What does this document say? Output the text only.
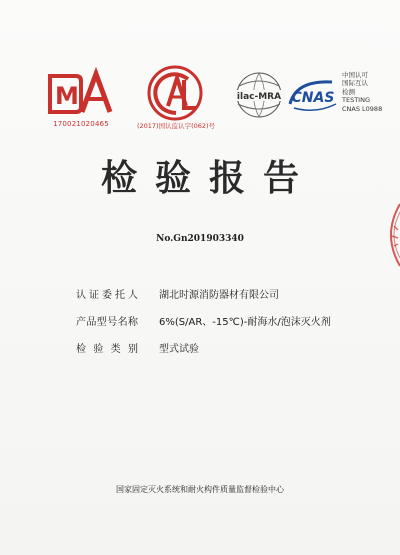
M
170021020465	(2017)国认监认字(062)号
ilac-MRA CNAS
中国认可
国际互认
检测
TESTING
CNAS L0988
检验报告
No.Gn201903340
认证委托人 湖北时源消防器材有限公司
产品型号名称 6%(S/AR、-15℃)-耐海水/泡沫灭火剂
检验类别 型式试验
国家固定灭火系统和耐火构件质量监督检验中心
